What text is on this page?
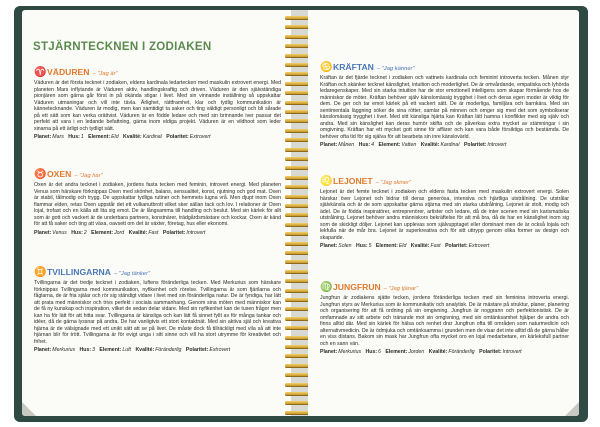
STJÄRNTECKNEN I ZODIAKEN
♈ VÄDUREN – "Jag är"

Väduren är det första tecknet i zodiaken, eldens kardinala ledartecken med maskulin extrovert energi. Med planeten Mars inflytande är Väduren aktiv, handlingskraftig och driven. Väduren är den självständiga pionjären som gärna går först in på okända stigar i livet. Med sin vinnande inställning så uppskattar Väduren utmaningar och vill inte tävla. Ärlighet, rättframhet, klar och tydlig kommunikation är kännetecknande. Väduren är modig, men kan samtidigt ta saker och ting väldigt personligt och bli sårade på ett sätt som kan verka orättvist. Väduren är en födde ledare och med sin brinnande iver passar det perfekt att vara i en ledande befattning, gärna inom eldiga projekt. Väduren är en vildhoot som leder sinarna på ett ärligt och tydligt sätt.

Planet:Mars Hus:1 Element:Eld Kvalité:Kardinal Polaritet:Extrovert
♉ OXEN – "Jag har"

Oxen är det andra tecknet i zodiaken, jordens fasta tecken med feminin, introvert energi. Med planeten Venus som härskare förknippas Oxen med skönhet, balans, sensualitet, konst, njutning och god mat. Oxen är stabil, tålmodig och trygg. De uppskattar tydliga rutiner och hemmets lugna vrå. Men djupt inom Oxen flammar elden, retas Oxen uppstår det ett vulkanutbrott vilket sker sällan tack och lov. I relationer är Oxen lojal, trofast och en källa att lita sig emot. De är långsamma till handling och beslut. Med sin kärlek för allt som är gott och vackert är de underbara partners, konstnärer, trädgårdsmästare och kockar. Oxen är känd för att få saker och ting att växa, oavsett om det är växter, företag, hus eller ekonomi.

Planet:Venus Hus:2 Element:Jord Kvalité:Fast Polaritet:Introvert
♊ TVILLINGARNA – "Jag tänker"

Tvillingarna är det tredje tecknet i zodiaken, luftens föränderliga tecken. Med Merkurius som härskare förknippas Tvillingarna med kommunikation, nyfikenhet och rörelse. Tvillingarna är som fjärilarna och fåglarna, de är fria själar och rör sig ständigt vidare i livet med sin föränderliga natur. De är fyndiga, har lätt att prata med människor och trivs perfekt i sociala sammanhang. Genom sina möten med människor kan de få ny kunskap och inspiration, vilket de sedan delar vidare. Med sin nyfikenhet kan de tusen frågor men kan ha för lätt för att hitta svar. Tvillingarna är känsliga och kan lätt få sinnet fyllt av för många tankar och idéer, då de gärna lyssnar på andra. De har vanligtvis ett stort kontaktnät. Med sin aktiva själ och kreativa hjärna är de välsignade med ett unikt sätt att se på livet. De måste dock få tillräckligt med vila så att inte hjärnan blir för trött. Tvillingarna är för evigt unga i sitt sinne och vill ha stort utrymme för kreativitet och frihet.

Planet:Merkurius Hus:3 Element:Luft Kvalité:Föränderlig Polaritet:Extrovert
♋ KRÄFTAN – "Jag känner"

Kräftan är det fjärde tecknet i zodiaken och vattnets kardinala och feminint introverta tecken. Månen styr Kräftan och skänker tecknet känslighet, intuition och moderlighet. De är omvårdande, empatiska och lyhörda ledaregenskaper. Med sin starka intuition har de stor emotionell intelligens som skapar förmående hos de människor de möter. Kräftan behöver själv känslomässig trygghet i livet och deras egen moder är viktig för dem. De ger och tar emot kärlek på ett vackert sätt. De är moderliga, familjära och barnkära. Med sin sentimentala läggning söker de sina rötter, samlar på minnen och omger sig med det som symboliserar känslomässig trygghet i livet. Med sitt känsliga hjärta kan Kräftan lätt hamna i konflikter med sig själv och andra. Med sin känslighet kan deras humör skifta och de påverkas extra mycket av stämningar i sin omgivning. Kräftan har ett mycket gott sinne för affärer och kan vara både försiktiga och bestämda. De behöver ofta tid för sig själva för att bearbeta sin inre känslovärld.

Planet:Månen Hus:4 Element:Vatten Kvalité:Kardinal Polaritet:Introvert
♌ LEJONET – "Jag skiner"

Lejonet är det femte tecknet i zodiaken och eldens fasta tecken med maskulin extrovert energi. Solen härskar över Lejonet och bidrar till deras generösa, intensiva och hjärtliga utstrålning. De utstrålar självkänsla och är de som uppskattar gärna stjärna med sin starka utstrålning. Lejonet är stolt, modig och ädel. De är födda inspiratörer, entreprenörer, artister och ledare, då de inter scenen med sin karismatiska utstrålning. Lejonet behöver andra människors bekräftelse för att må bra, då de har en känslighet inom sig som de skickligt döljer. Lejonet kan upplevas som självupptaget eller dominant men de är också lojala och lekfulla när de mår bra. Lejonet är superkreativa och för sitt uttrypp genom olika former av design och skapande.

Planet:Solen Hus:5 Element:Eld Kvalité:Fast Polaritet:Extrovert
♍ JUNGFRUN – "Jag tjänar"

Jungfrun är zodiakens sjätte tecken, jordens föränderliga tecken med sin feminina introverta energi. Jungfrun styrs av Merkurius som är kommunikativ och analytisk. De är mästare på struktur, planer, planering och organisering för att få ordning på sin omgivning. Jungfrun är noggrann och perfektionistisk. De är omfamnade av sitt arbete och tränande mot sin omgivning, med sin omtänksamhet hjälper de andra och finns alltid där. Med sin kärlek för hälsa och renhet drar Jungfrun ofta till områden som naturmedicin och alternativmedicin. De är ödmjuka och omtänksamma i grunden men de visar det inte alltid då de gärna håller en viss distans. Bakom sin mask har Jungfrun ofta mycket oro en lojal medarbetare, en kärleksfull partner och en sann vän.

Planet:Merkurius Hus:6 Element:Jorden Kvalité:Föränderlig Polaritet:Introvert
